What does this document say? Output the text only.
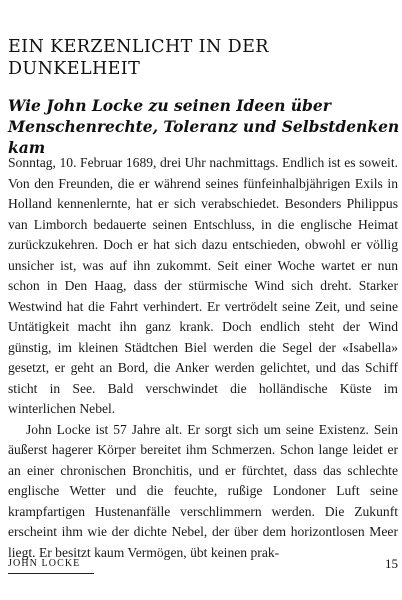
EIN KERZENLICHT IN DER DUNKELHEIT
Wie John Locke zu seinen Ideen über Menschenrechte, Toleranz und Selbstdenken kam

Sonntag, 10. Februar 1689, drei Uhr nachmittags. Endlich ist es soweit. Von den Freunden, die er während seines fünfeinhalbjährigen Exils in Holland kennenlernte, hat er sich verabschiedet. Besonders Philippus van Limborch bedauerte seinen Entschluss, in die englische Heimat zurückzukehren. Doch er hat sich dazu entschieden, obwohl er völlig unsicher ist, was auf ihn zukommt. Seit einer Woche wartet er nun schon in Den Haag, dass der stürmische Wind sich dreht. Starker Westwind hat die Fahrt verhindert. Er vertrödelt seine Zeit, und seine Untätigkeit macht ihn ganz krank. Doch endlich steht der Wind günstig, im kleinen Städtchen Biel werden die Segel der «Isabella» gesetzt, er geht an Bord, die Anker werden gelichtet, und das Schiff sticht in See. Bald verschwindet die holländische Küste im winterlichen Nebel.

John Locke ist 57 Jahre alt. Er sorgt sich um seine Existenz. Sein äußerst hagerer Körper bereitet ihm Schmerzen. Schon lange leidet er an einer chronischen Bronchitis, und er fürchtet, dass das schlechte englische Wetter und die feuchte, rußige Londoner Luft seine krampfartigen Hustenanfälle verschlimmern werden. Die Zukunft erscheint ihm wie der dichte Nebel, der über dem horizontlosen Meer liegt. Er besitzt kaum Vermögen, übt keinen prak-

JOHN LOCKE	15
